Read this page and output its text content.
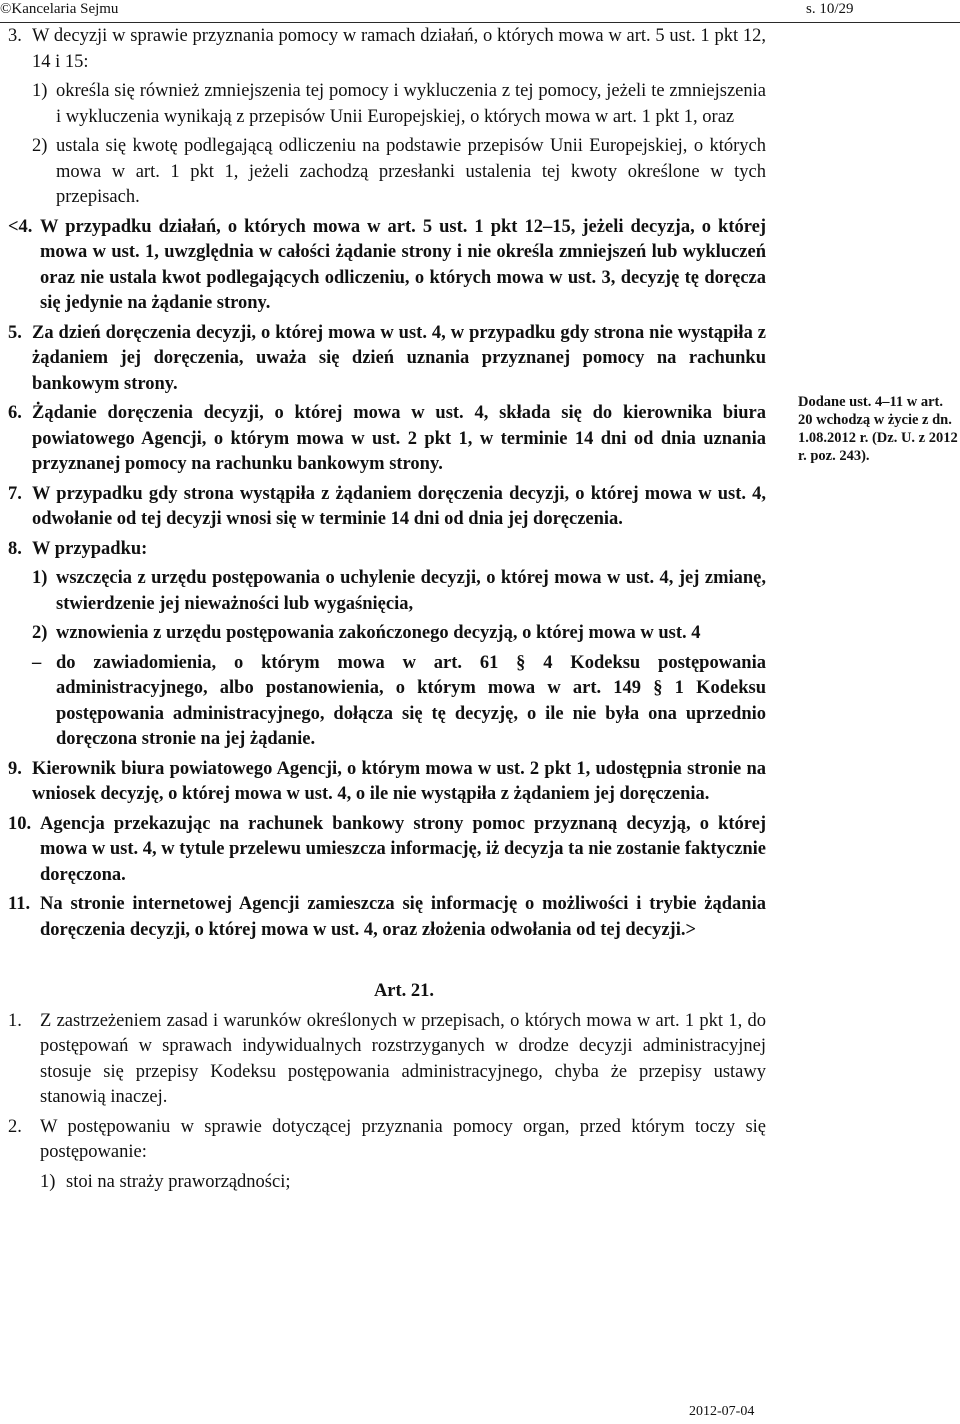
©Kancelaria Sejmu	s. 10/29
3. W decyzji w sprawie przyznania pomocy w ramach działań, o których mowa w art. 5 ust. 1 pkt 12, 14 i 15:
1) określa się również zmniejszenia tej pomocy i wykluczenia z tej pomocy, jeżeli te zmniejszenia i wykluczenia wynikają z przepisów Unii Europejskiej, o których mowa w art. 1 pkt 1, oraz
2) ustala się kwotę podlegającą odliczeniu na podstawie przepisów Unii Europejskiej, o których mowa w art. 1 pkt 1, jeżeli zachodzą przesłanki ustalenia tej kwoty określone w tych przepisach.
<4. W przypadku działań, o których mowa w art. 5 ust. 1 pkt 12–15, jeżeli decyzja, o której mowa w ust. 1, uwzględnia w całości żądanie strony i nie określa zmniejszeń lub wykluczeń oraz nie ustala kwot podlegających odliczeniu, o których mowa w ust. 3, decyzję tę doręcza się jedynie na żądanie strony.
5. Za dzień doręczenia decyzji, o której mowa w ust. 4, w przypadku gdy strona nie wystąpiła z żądaniem jej doręczenia, uważa się dzień uznania przyznanej pomocy na rachunku bankowym strony.
6. Żądanie doręczenia decyzji, o której mowa w ust. 4, składa się do kierownika biura powiatowego Agencji, o którym mowa w ust. 2 pkt 1, w terminie 14 dni od dnia uznania przyznanej pomocy na rachunku bankowym strony.
7. W przypadku gdy strona wystąpiła z żądaniem doręczenia decyzji, o której mowa w ust. 4, odwołanie od tej decyzji wnosi się w terminie 14 dni od dnia jej doręczenia.
8. W przypadku:
1) wszczęcia z urzędu postępowania o uchylenie decyzji, o której mowa w ust. 4, jej zmianę, stwierdzenie jej nieważności lub wygaśnięcia,
2) wznowienia z urzędu postępowania zakończonego decyzją, o której mowa w ust. 4
– do zawiadomienia, o którym mowa w art. 61 § 4 Kodeksu postępowania administracyjnego, albo postanowienia, o którym mowa w art. 149 § 1 Kodeksu postępowania administracyjnego, dołącza się tę decyzję, o ile nie była ona uprzednio doręczona stronie na jej żądanie.
9. Kierownik biura powiatowego Agencji, o którym mowa w ust. 2 pkt 1, udostępnia stronie na wniosek decyzję, o której mowa w ust. 4, o ile nie wystąpiła z żądaniem jej doręczenia.
10. Agencja przekazując na rachunek bankowy strony pomoc przyznaną decyzją, o której mowa w ust. 4, w tytule przelewu umieszcza informację, iż decyzja ta nie zostanie faktycznie doręczona.
11. Na stronie internetowej Agencji zamieszcza się informację o możliwości i trybie żądania doręczenia decyzji, o której mowa w ust. 4, oraz złożenia odwołania od tej decyzji.>
Art. 21.
1. Z zastrzeżeniem zasad i warunków określonych w przepisach, o których mowa w art. 1 pkt 1, do postępowań w sprawach indywidualnych rozstrzyganych w drodze decyzji administracyjnej stosuje się przepisy Kodeksu postępowania administracyjnego, chyba że przepisy ustawy stanowią inaczej.
2. W postępowaniu w sprawie dotyczącej przyznania pomocy organ, przed którym toczy się postępowanie:
1) stoi na straży praworządności;
Dodane ust. 4–11 w art. 20 wchodzą w życie z dn. 1.08.2012 r. (Dz. U. z 2012 r. poz. 243).
2012-07-04
